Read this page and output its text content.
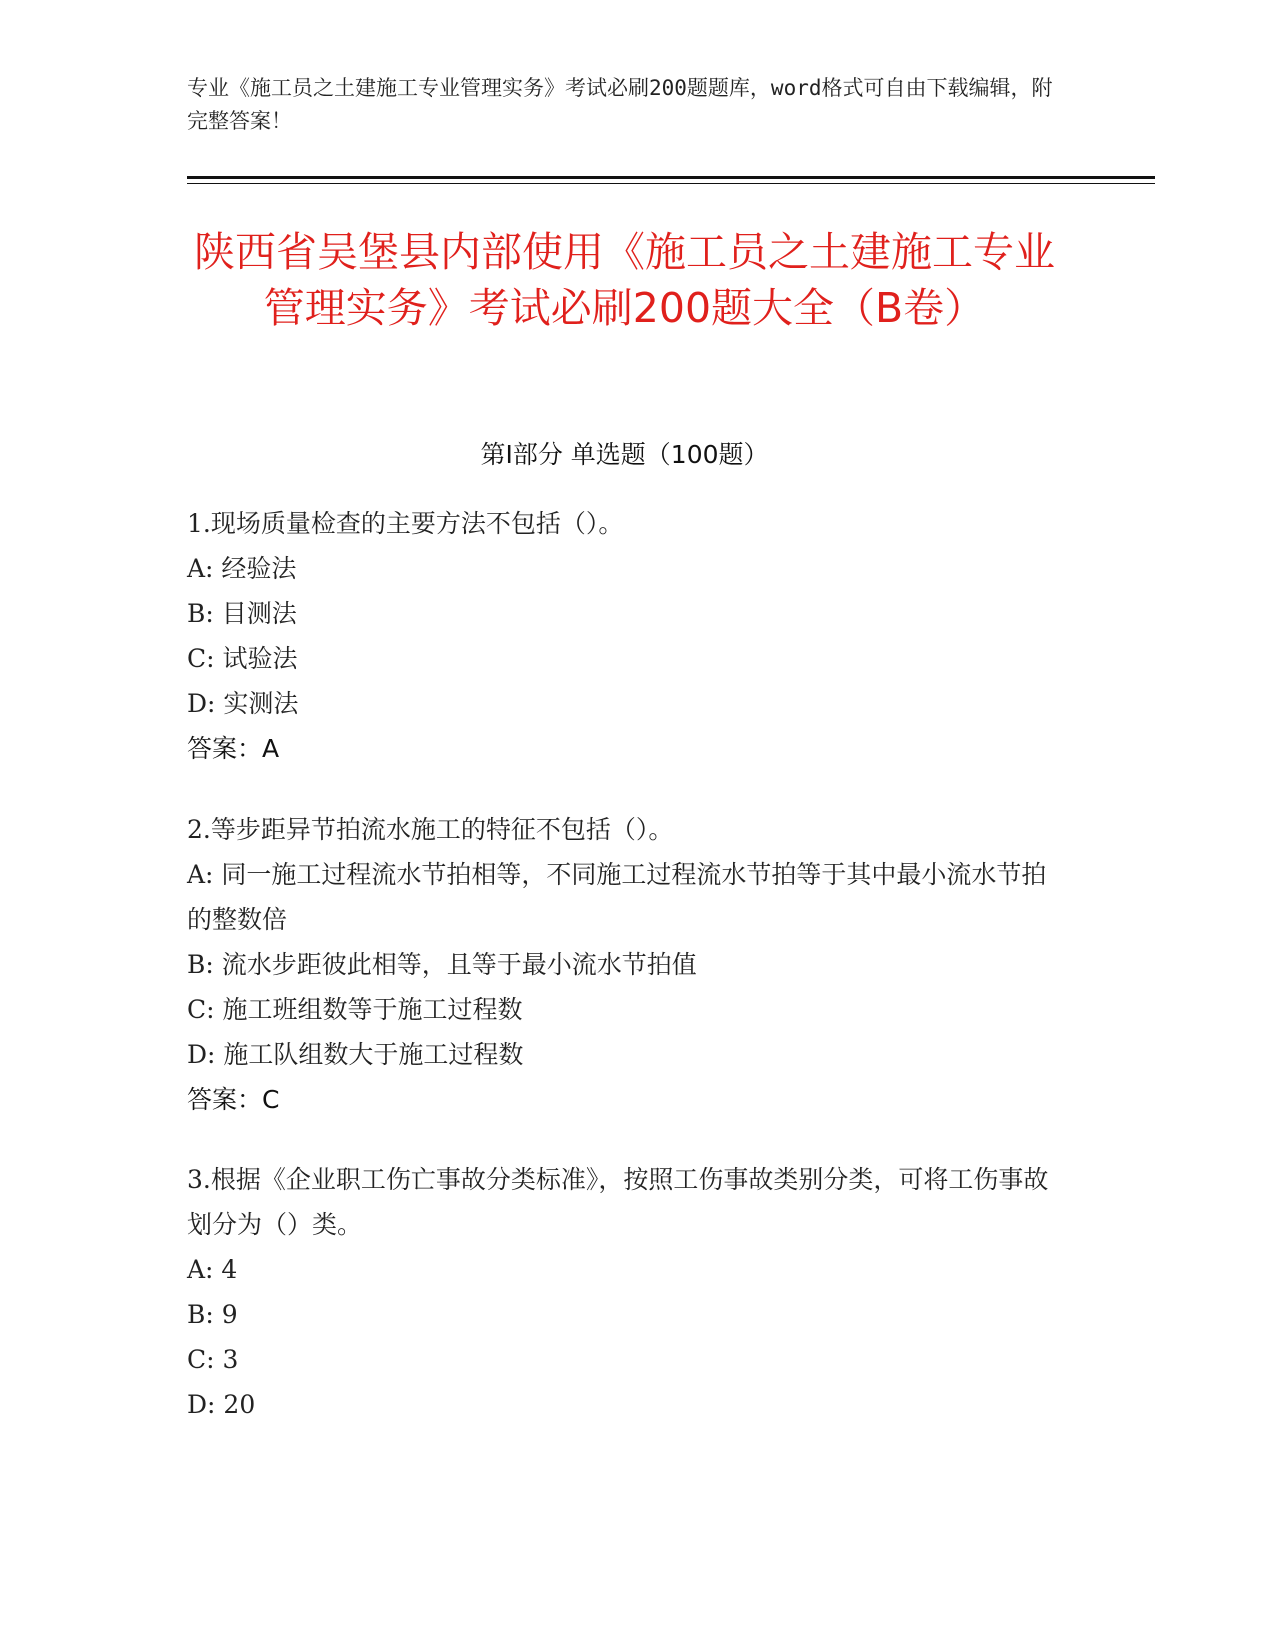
专业《施工员之土建施工专业管理实务》考试必刷200题题库，word格式可自由下载编辑，附完整答案！
陕西省吴堡县内部使用《施工员之土建施工专业管理实务》考试必刷200题大全（B卷）
第I部分 单选题（100题）
1.现场质量检查的主要方法不包括（）。
A: 经验法
B: 目测法
C: 试验法
D: 实测法
答案：A
2.等步距异节拍流水施工的特征不包括（）。
A: 同一施工过程流水节拍相等，不同施工过程流水节拍等于其中最小流水节拍的整数倍
B: 流水步距彼此相等，且等于最小流水节拍值
C: 施工班组数等于施工过程数
D: 施工队组数大于施工过程数
答案：C
3.根据《企业职工伤亡事故分类标准》，按照工伤事故类别分类，可将工伤事故划分为（）类。
A: 4
B: 9
C: 3
D: 20
